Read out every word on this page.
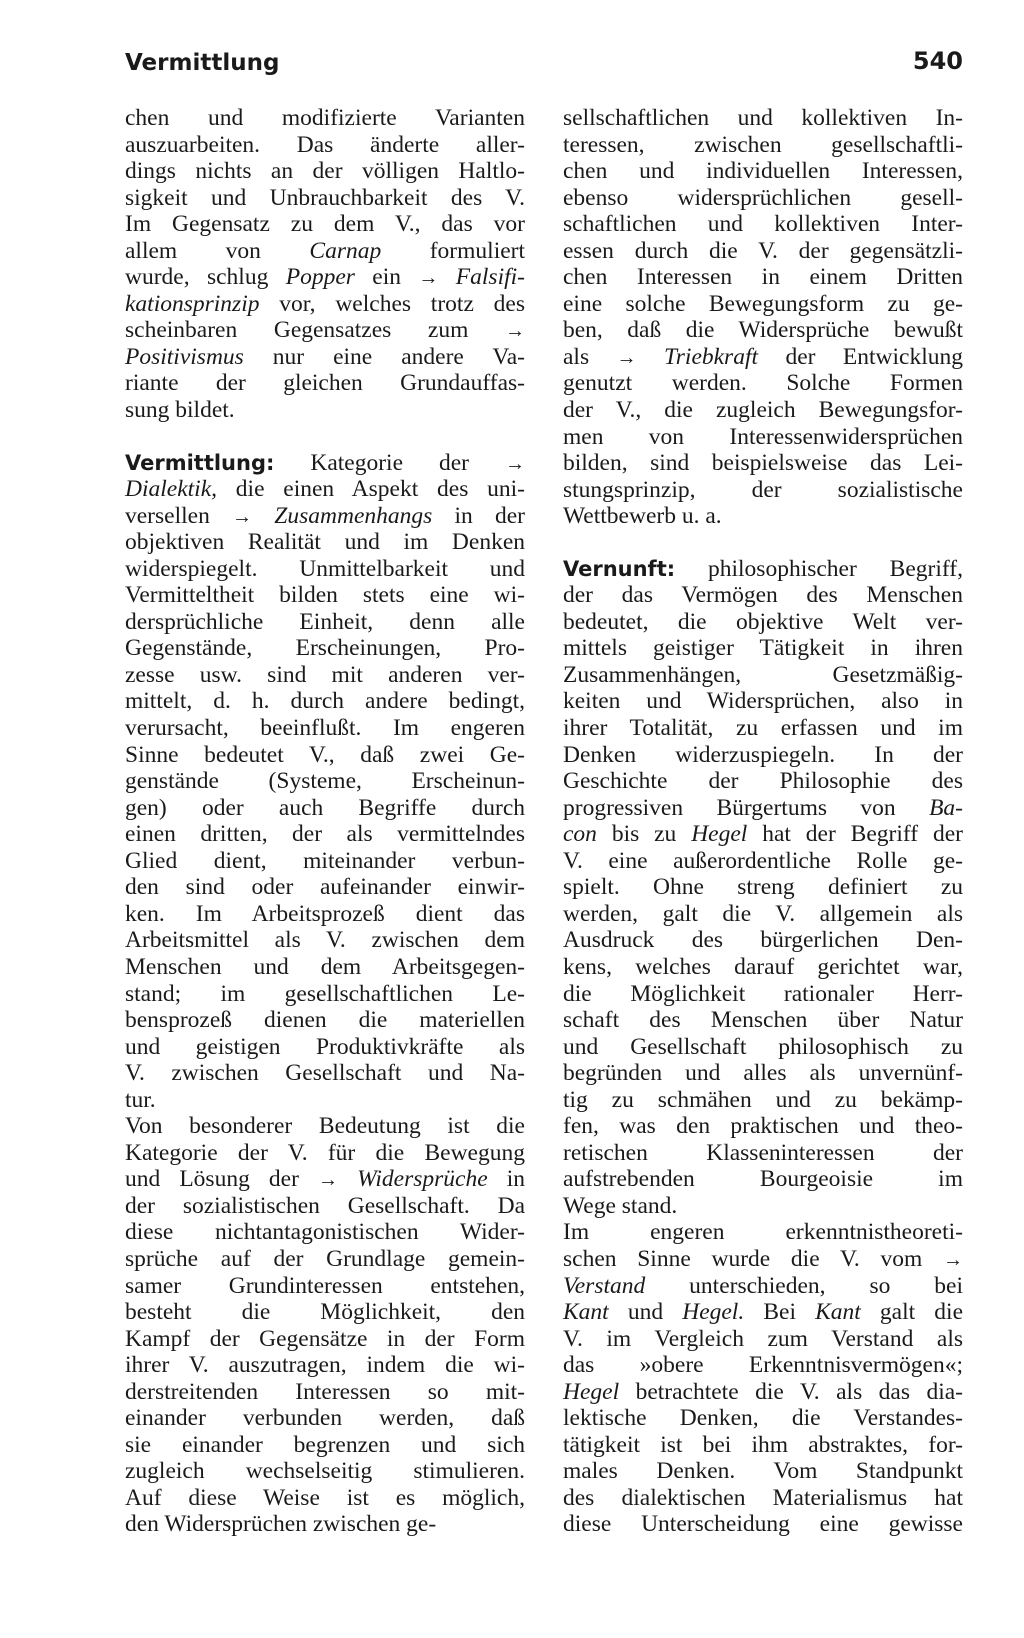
Vermittlung	540
chen und modifizierte Varianten
auszuarbeiten. Das änderte aller-
dings nichts an der völligen Haltlo-
sigkeit und Unbrauchbarkeit des V.
Im Gegensatz zu dem V., das vor
allem von Carnap formuliert
wurde, schlug Popper ein → Falsifi-
kationsprinzip vor, welches trotz des
scheinbaren Gegensatzes zum →
Positivismus nur eine andere Va-
riante der gleichen Grundauffas-
sung bildet.
Vermittlung: Kategorie der →
Dialektik, die einen Aspekt des uni-
versellen → Zusammenhangs in der
objektiven Realität und im Denken
widerspiegelt. Unmittelbarkeit und
Vermitteltheit bilden stets eine wi-
dersprüchliche Einheit, denn alle
Gegenstände, Erscheinungen, Pro-
zesse usw. sind mit anderen ver-
mittelt, d. h. durch andere bedingt,
verursacht, beeinflußt. Im engeren
Sinne bedeutet V., daß zwei Ge-
genstände (Systeme, Erscheinun-
gen) oder auch Begriffe durch
einen dritten, der als vermittelndes
Glied dient, miteinander verbun-
den sind oder aufeinander einwir-
ken. Im Arbeitsprozeß dient das
Arbeitsmittel als V. zwischen dem
Menschen und dem Arbeitsgegen-
stand; im gesellschaftlichen Le-
bensprozeß dienen die materiellen
und geistigen Produktivkräfte als
V. zwischen Gesellschaft und Na-
tur.
Von besonderer Bedeutung ist die
Kategorie der V. für die Bewegung
und Lösung der → Widersprüche in
der sozialistischen Gesellschaft. Da
diese nichtantagonistischen Wider-
sprüche auf der Grundlage gemein-
samer Grundinteressen entstehen,
besteht die Möglichkeit, den
Kampf der Gegensätze in der Form
ihrer V. auszutragen, indem die wi-
derstreitenden Interessen so mit-
einander verbunden werden, daß
sie einander begrenzen und sich
zugleich wechselseitig stimulieren.
Auf diese Weise ist es möglich,
den Widersprüchen zwischen ge-
sellschaftlichen und kollektiven In-
teressen, zwischen gesellschaftli-
chen und individuellen Interessen,
ebenso widersprüchlichen gesell-
schaftlichen und kollektiven Inter-
essen durch die V. der gegensätzli-
chen Interessen in einem Dritten
eine solche Bewegungsform zu ge-
ben, daß die Widersprüche bewußt
als → Triebkraft der Entwicklung
genutzt werden. Solche Formen
der V., die zugleich Bewegungsfor-
men von Interessenwidersprüchen
bilden, sind beispielsweise das Lei-
stungsprinzip, der sozialistische
Wettbewerb u. a.
Vernunft: philosophischer Begriff,
der das Vermögen des Menschen
bedeutet, die objektive Welt ver-
mittels geistiger Tätigkeit in ihren
Zusammenhängen, Gesetzmäßig-
keiten und Widersprüchen, also in
ihrer Totalität, zu erfassen und im
Denken widerzuspiegeln. In der
Geschichte der Philosophie des
progressiven Bürgertums von Ba-
con bis zu Hegel hat der Begriff der
V. eine außerordentliche Rolle ge-
spielt. Ohne streng definiert zu
werden, galt die V. allgemein als
Ausdruck des bürgerlichen Den-
kens, welches darauf gerichtet war,
die Möglichkeit rationaler Herr-
schaft des Menschen über Natur
und Gesellschaft philosophisch zu
begründen und alles als unvernünf-
tig zu schmähen und zu bekämp-
fen, was den praktischen und theo-
retischen Klasseninteressen der
aufstrebenden Bourgeoisie im
Wege stand.
Im engeren erkenntnistheoreti-
schen Sinne wurde die V. vom →
Verstand unterschieden, so bei
Kant und Hegel. Bei Kant galt die
V. im Vergleich zum Verstand als
das »obere Erkenntnisvermögen«;
Hegel betrachtete die V. als das dia-
lektische Denken, die Verstandes-
tätigkeit ist bei ihm abstraktes, for-
males Denken. Vom Standpunkt
des dialektischen Materialismus hat
diese Unterscheidung eine gewisse
